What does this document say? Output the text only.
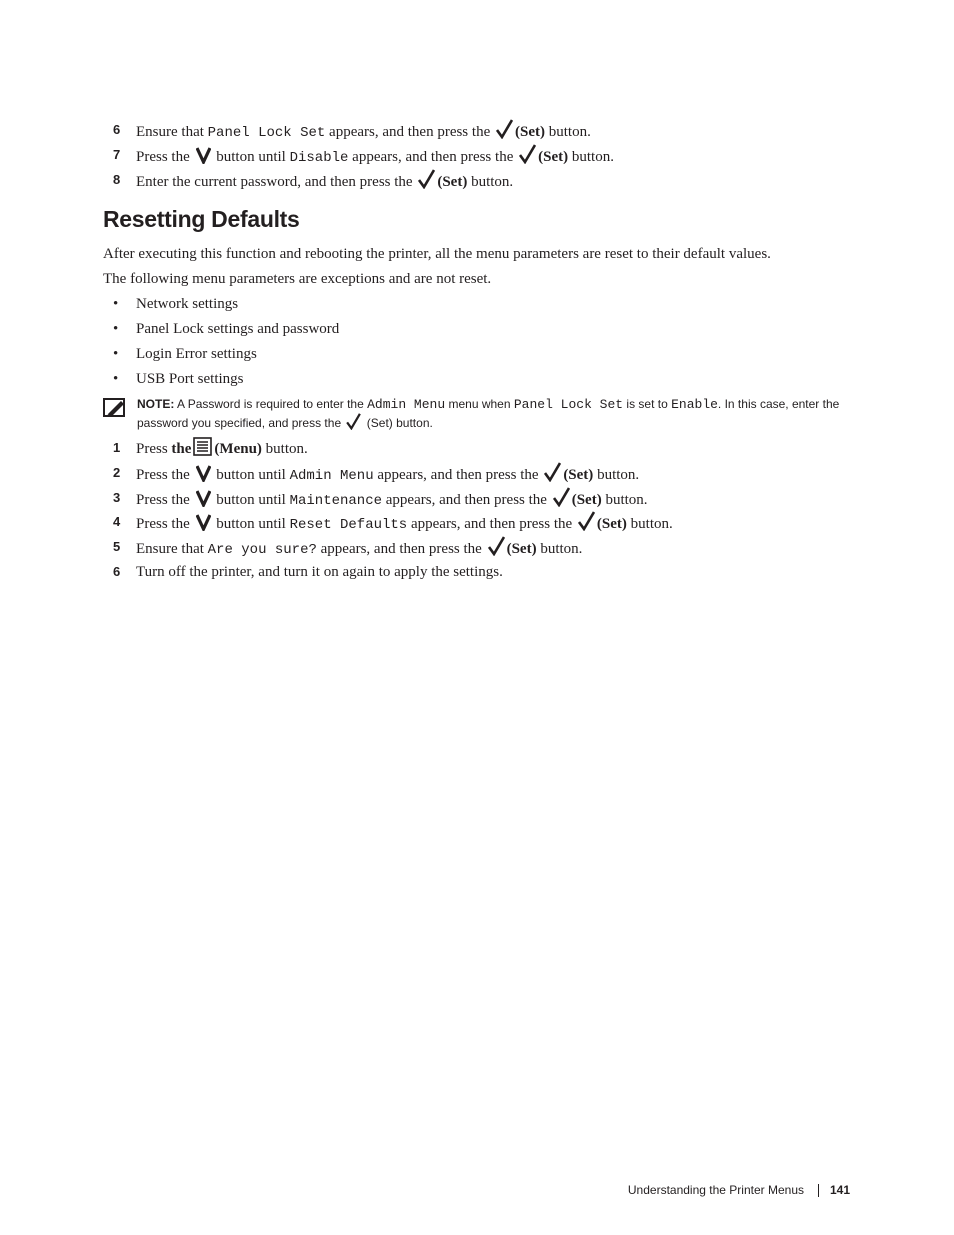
6 Ensure that Panel Lock Set appears, and then press the
(Set) button.
7 Press the
button until Disable appears, and then press the
(Set) button.
8 Enter the current password, and then press the
(Set) button.
Resetting Defaults
After executing this function and rebooting the printer, all the menu parameters are reset to their default values.
The following menu parameters are exceptions and are not reset.
• Network settings
• Panel Lock settings and password
• Login Error settings
• USB Port settings
NOTE: A Password is required to enter the Admin Menu menu when Panel Lock Set is set to Enable. In this case, enter the password you specified, and press the
(Set) button.
1 Press the (Menu) button.
2 Press the
button until Admin Menu appears, and then press the
(Set) button.
3 Press the
button until Maintenance appears, and then press the
(Set) button.
4 Press the
button until Reset Defaults appears, and then press the
(Set) button.
5 Ensure that Are you sure? appears, and then press the
(Set) button.
6 Turn off the printer, and turn it on again to apply the settings.
Understanding the Printer Menus 141
